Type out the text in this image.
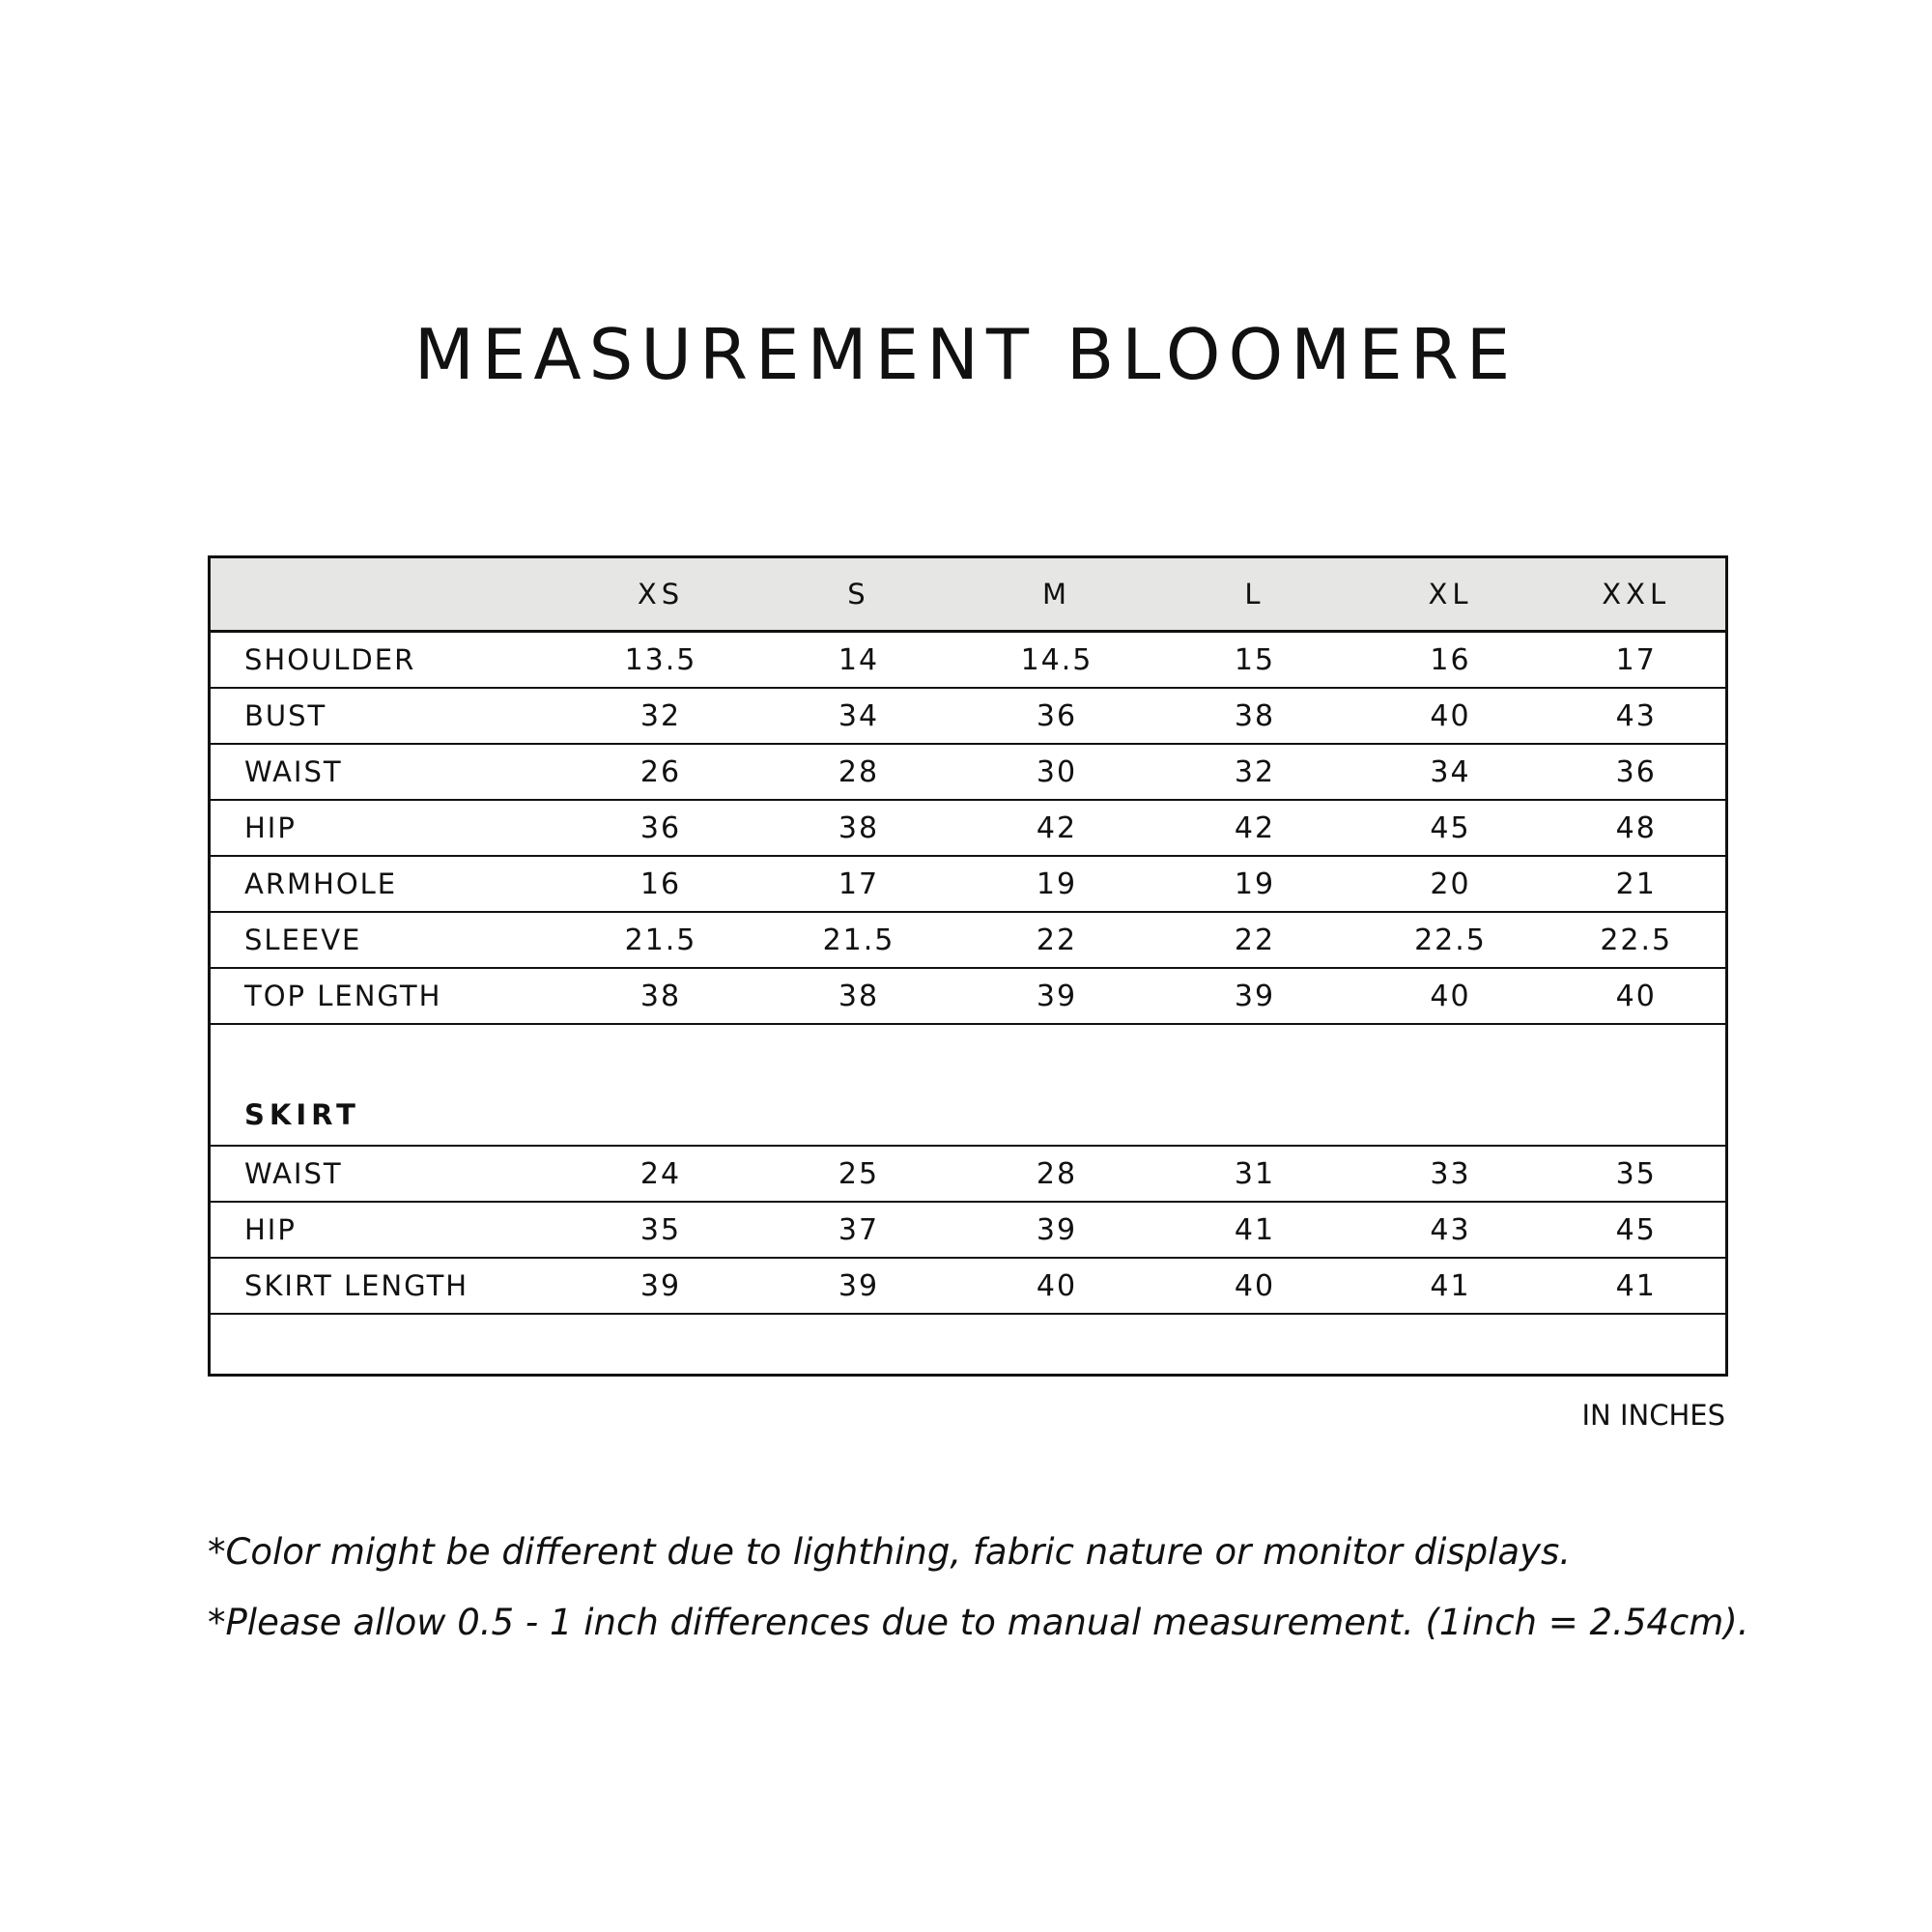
MEASUREMENT BLOOMERE
	XS	S	M	L	XL	XXL
SHOULDER	13.5	14	14.5	15	16	17
BUST	32	34	36	38	40	43
WAIST	26	28	30	32	34	36
HIP	36	38	42	42	45	48
ARMHOLE	16	17	19	19	20	21
SLEEVE	21.5	21.5	22	22	22.5	22.5
TOP LENGTH	38	38	39	39	40	40
SKIRT						
WAIST	24	25	28	31	33	35
HIP	35	37	39	41	43	45
SKIRT LENGTH	39	39	40	40	41	41

IN INCHES
*Color might be different due to lighthing, fabric nature or monitor displays.
*Please allow 0.5 - 1 inch differences due to manual measurement. (1inch = 2.54cm).
